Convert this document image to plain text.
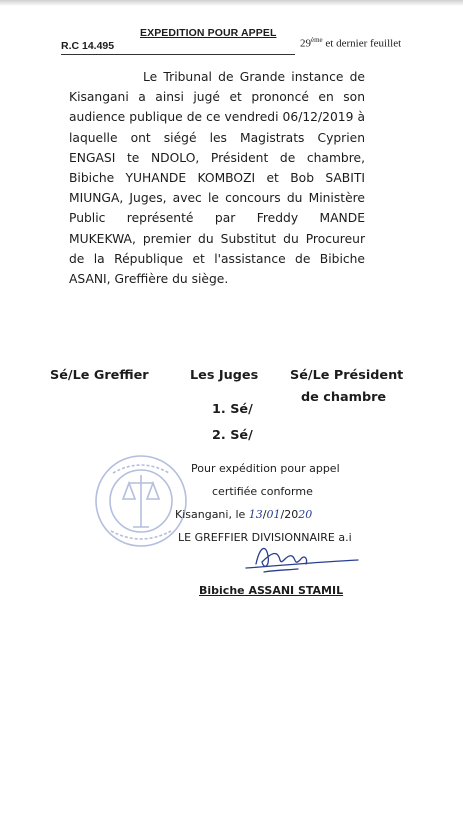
EXPEDITION POUR APPEL
R.C 14.495	29ème et dernier feuillet

Le Tribunal de Grande instance de Kisangani a ainsi jugé et prononcé en son audience publique de ce vendredi 06/12/2019 à laquelle ont siégé les Magistrats Cyprien ENGASI te NDOLO, Président de chambre, Bibiche YUHANDE KOMBOZI et Bob SABITI MIUNGA, Juges, avec le concours du Ministère Public représenté par Freddy MANDE MUKEKWA, premier du Substitut du Procureur de la République et l'assistance de Bibiche ASANI, Greffière du siège.

Sé/Le Greffier	Les Juges Sé/Le Président
de chambre
1. Sé/
2. Sé/
Pour expédition pour appel
certifiée conforme
Kisangani, le 13/01/2020
LE GREFFIER DIVISIONNAIRE a.i
Bibiche ASSANI STAMIL
